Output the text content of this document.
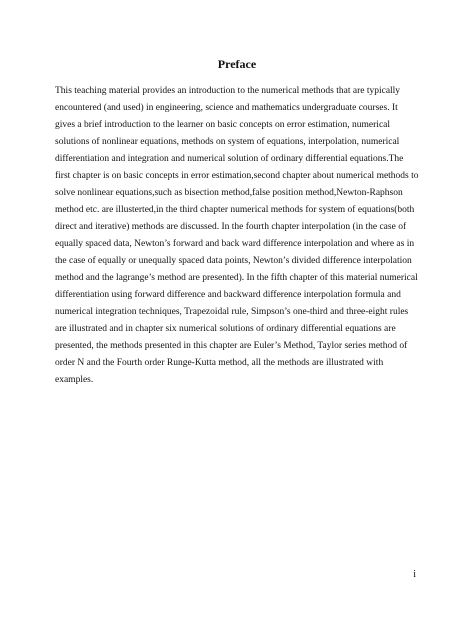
Preface

This teaching material provides an introduction to the numerical methods that are typically encountered (and used) in engineering, science and mathematics undergraduate courses. It gives a brief introduction to the learner on basic concepts on error estimation, numerical solutions of nonlinear equations, methods on system of equations, interpolation, numerical differentiation and integration and numerical solution of ordinary differential equations.The first chapter is on basic concepts in error estimation,second chapter about numerical methods to solve nonlinear equations,such as bisection method,false position method,Newton-Raphson method etc. are illusterted,in the third chapter numerical methods for system of equations(both direct and iterative) methods are discussed. In the fourth chapter interpolation (in the case of equally spaced data, Newton’s forward and back ward difference interpolation and where as in the case of equally or unequally spaced data points, Newton’s divided difference interpolation method and the lagrange’s method are presented). In the fifth chapter of this material numerical differentiation using forward difference and backward difference interpolation formula and numerical integration techniques, Trapezoidal rule, Simpson’s one-third and three-eight rules are illustrated and in chapter six numerical solutions of ordinary differential equations are presented, the methods presented in this chapter are Euler’s Method, Taylor series method of order N and the Fourth order Runge-Kutta method, all the methods are illustrated with examples.

i
